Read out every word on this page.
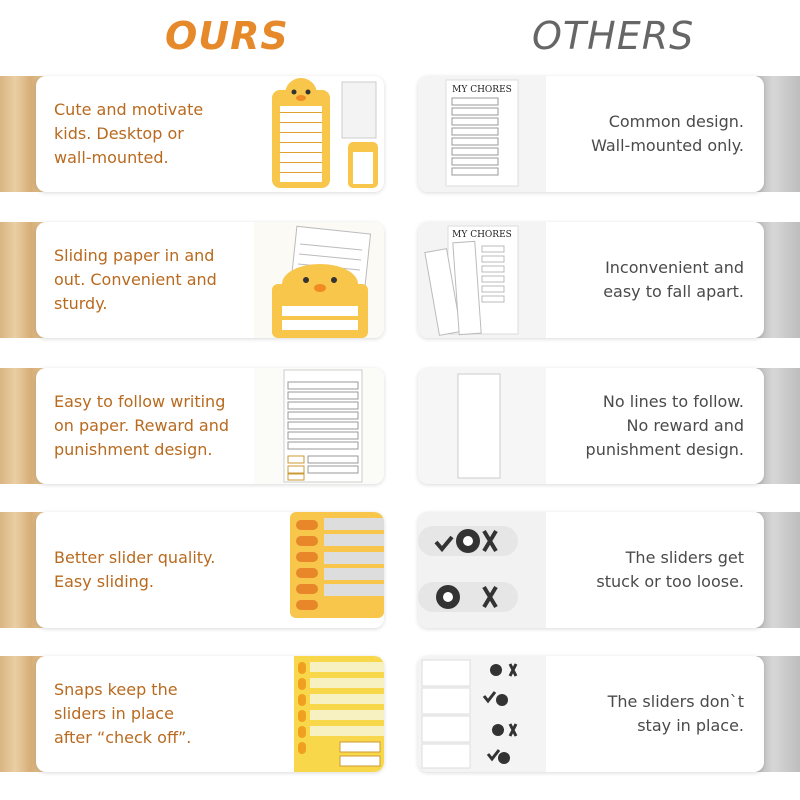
OURS	OTHERS
Cute and motivate
kids. Desktop or
wall-mounted.
MY CHORES
Common design.
Wall-mounted only.
Sliding paper in and
out. Convenient and
sturdy.
MY CHORES
Inconvenient and
easy to fall apart.
Easy to follow writing
on paper. Reward and
punishment design.
No lines to follow.
No reward and
punishment design.
Better slider quality.
Easy sliding.
The sliders get
stuck or too loose.
Snaps keep the
sliders in place
after “check off”.
The sliders don`t
stay in place.
